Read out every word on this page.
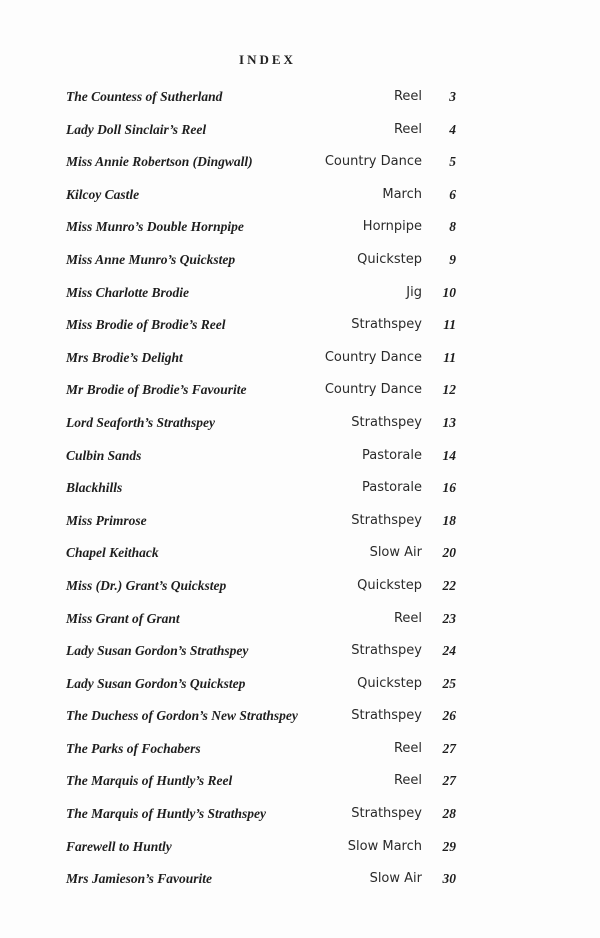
INDEX
The Countess of Sutherland	Reel	3
Lady Doll Sinclair’s Reel	Reel	4
Miss Annie Robertson (Dingwall)	Country Dance	5
Kilcoy Castle	March	6
Miss Munro’s Double Hornpipe	Hornpipe	8
Miss Anne Munro’s Quickstep	Quickstep	9
Miss Charlotte Brodie	Jig	10
Miss Brodie of Brodie’s Reel	Strathspey	11
Mrs Brodie’s Delight	Country Dance	11
Mr Brodie of Brodie’s Favourite	Country Dance	12
Lord Seaforth’s Strathspey	Strathspey	13
Culbin Sands	Pastorale	14
Blackhills	Pastorale	16
Miss Primrose	Strathspey	18
Chapel Keithack	Slow Air	20
Miss (Dr.) Grant’s Quickstep	Quickstep	22
Miss Grant of Grant	Reel	23
Lady Susan Gordon’s Strathspey	Strathspey	24
Lady Susan Gordon’s Quickstep	Quickstep	25
The Duchess of Gordon’s New Strathspey	Strathspey	26
The Parks of Fochabers	Reel	27
The Marquis of Huntly’s Reel	Reel	27
The Marquis of Huntly’s Strathspey	Strathspey	28
Farewell to Huntly	Slow March	29
Mrs Jamieson’s Favourite	Slow Air	30
